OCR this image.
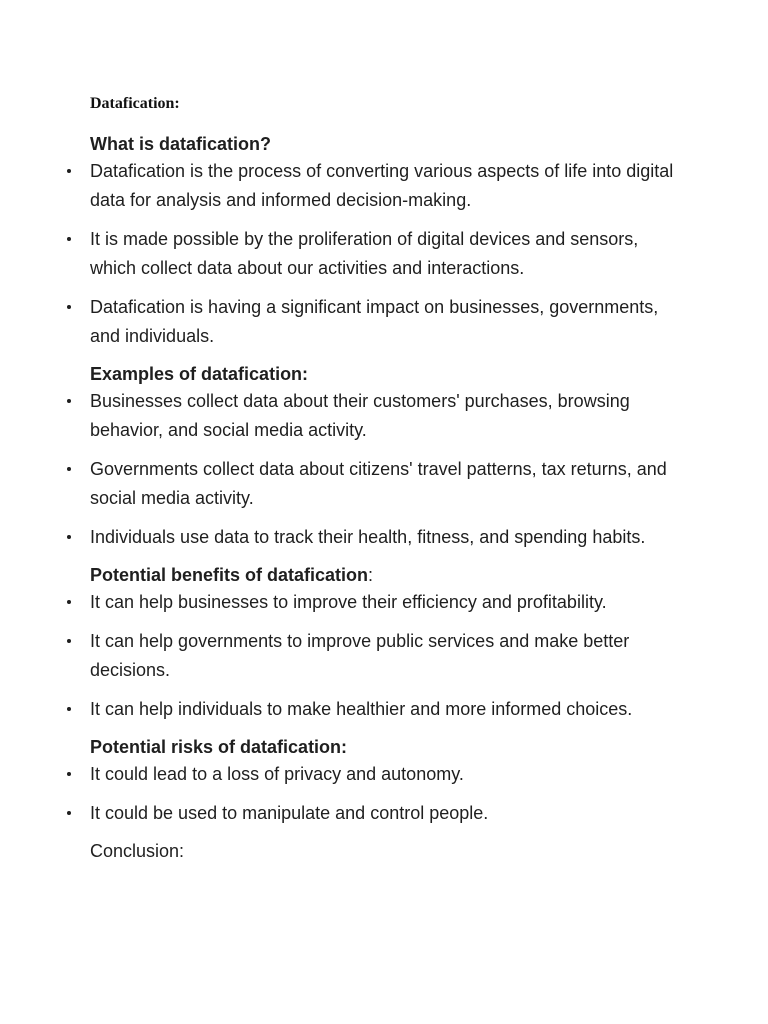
Datafication:
What is datafication?
Datafication is the process of converting various aspects of life into digital data for analysis and informed decision-making.
It is made possible by the proliferation of digital devices and sensors, which collect data about our activities and interactions.
Datafication is having a significant impact on businesses, governments, and individuals.
Examples of datafication:
Businesses collect data about their customers' purchases, browsing behavior, and social media activity.
Governments collect data about citizens' travel patterns, tax returns, and social media activity.
Individuals use data to track their health, fitness, and spending habits.
Potential benefits of datafication:
It can help businesses to improve their efficiency and profitability.
It can help governments to improve public services and make better decisions.
It can help individuals to make healthier and more informed choices.
Potential risks of datafication:
It could lead to a loss of privacy and autonomy.
It could be used to manipulate and control people.
Conclusion:
